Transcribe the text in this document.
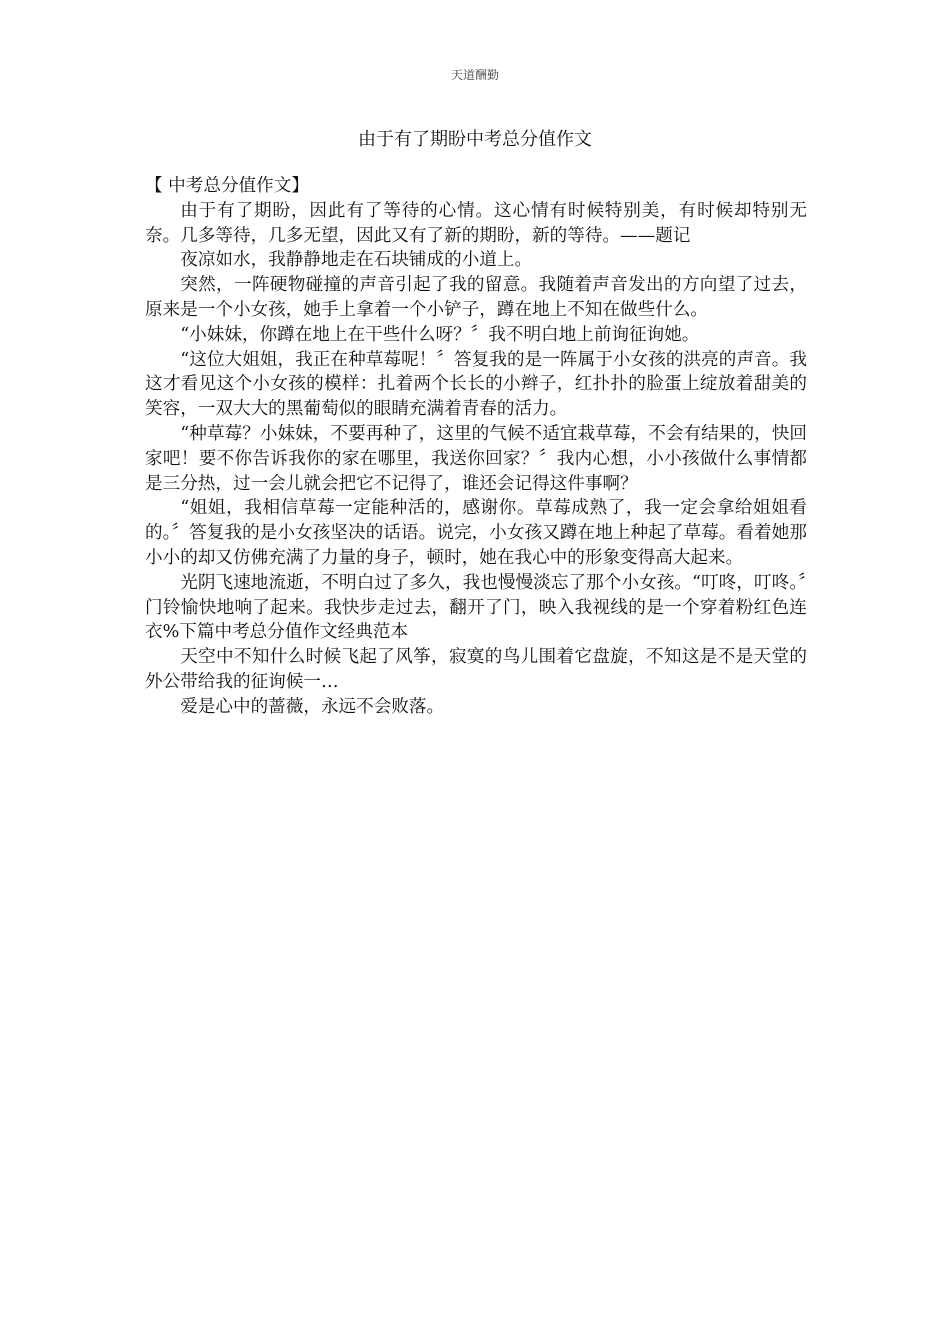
天道酬勤
由于有了期盼中考总分值作文

【 中考总分值作文】

由于有了期盼，因此有了等待的心情。这心情有时候特别美，有时候却特别无奈。几多等待，几多无望，因此又有了新的期盼，新的等待。——题记

夜凉如水，我静静地走在石块铺成的小道上。

突然，一阵硬物碰撞的声音引起了我的留意。我随着声音发出的方向望了过去，原来是一个小女孩，她手上拿着一个小铲子，蹲在地上不知在做些什么。

“小妹妹，你蹲在地上在干些什么呀？〞我不明白地上前询征询她。

“这位大姐姐，我正在种草莓呢！〞答复我的是一阵属于小女孩的洪亮的声音。我这才看见这个小女孩的模样：扎着两个长长的小辫子，红扑扑的脸蛋上绽放着甜美的笑容，一双大大的黑葡萄似的眼睛充满着青春的活力。

“种草莓？小妹妹，不要再种了，这里的气候不适宜栽草莓，不会有结果的，快回家吧！要不你告诉我你的家在哪里，我送你回家？〞我内心想，小小孩做什么事情都是三分热，过一会儿就会把它不记得了，谁还会记得这件事啊？

“姐姐，我相信草莓一定能种活的，感谢你。草莓成熟了，我一定会拿给姐姐看的。〞答复我的是小女孩坚决的话语。说完，小女孩又蹲在地上种起了草莓。看着她那小小的却又仿佛充满了力量的身子，顿时，她在我心中的形象变得高大起来。

光阴飞速地流逝，不明白过了多久，我也慢慢淡忘了那个小女孩。“叮咚，叮咚。〞门铃愉快地响了起来。我快步走过去，翻开了门，映入我视线的是一个穿着粉红色连衣%下篇中考总分值作文经典范本

天空中不知什么时候飞起了风筝，寂寞的鸟儿围着它盘旋，不知这是不是天堂的外公带给我的征询候一…

爱是心中的蔷薇，永远不会败落。
